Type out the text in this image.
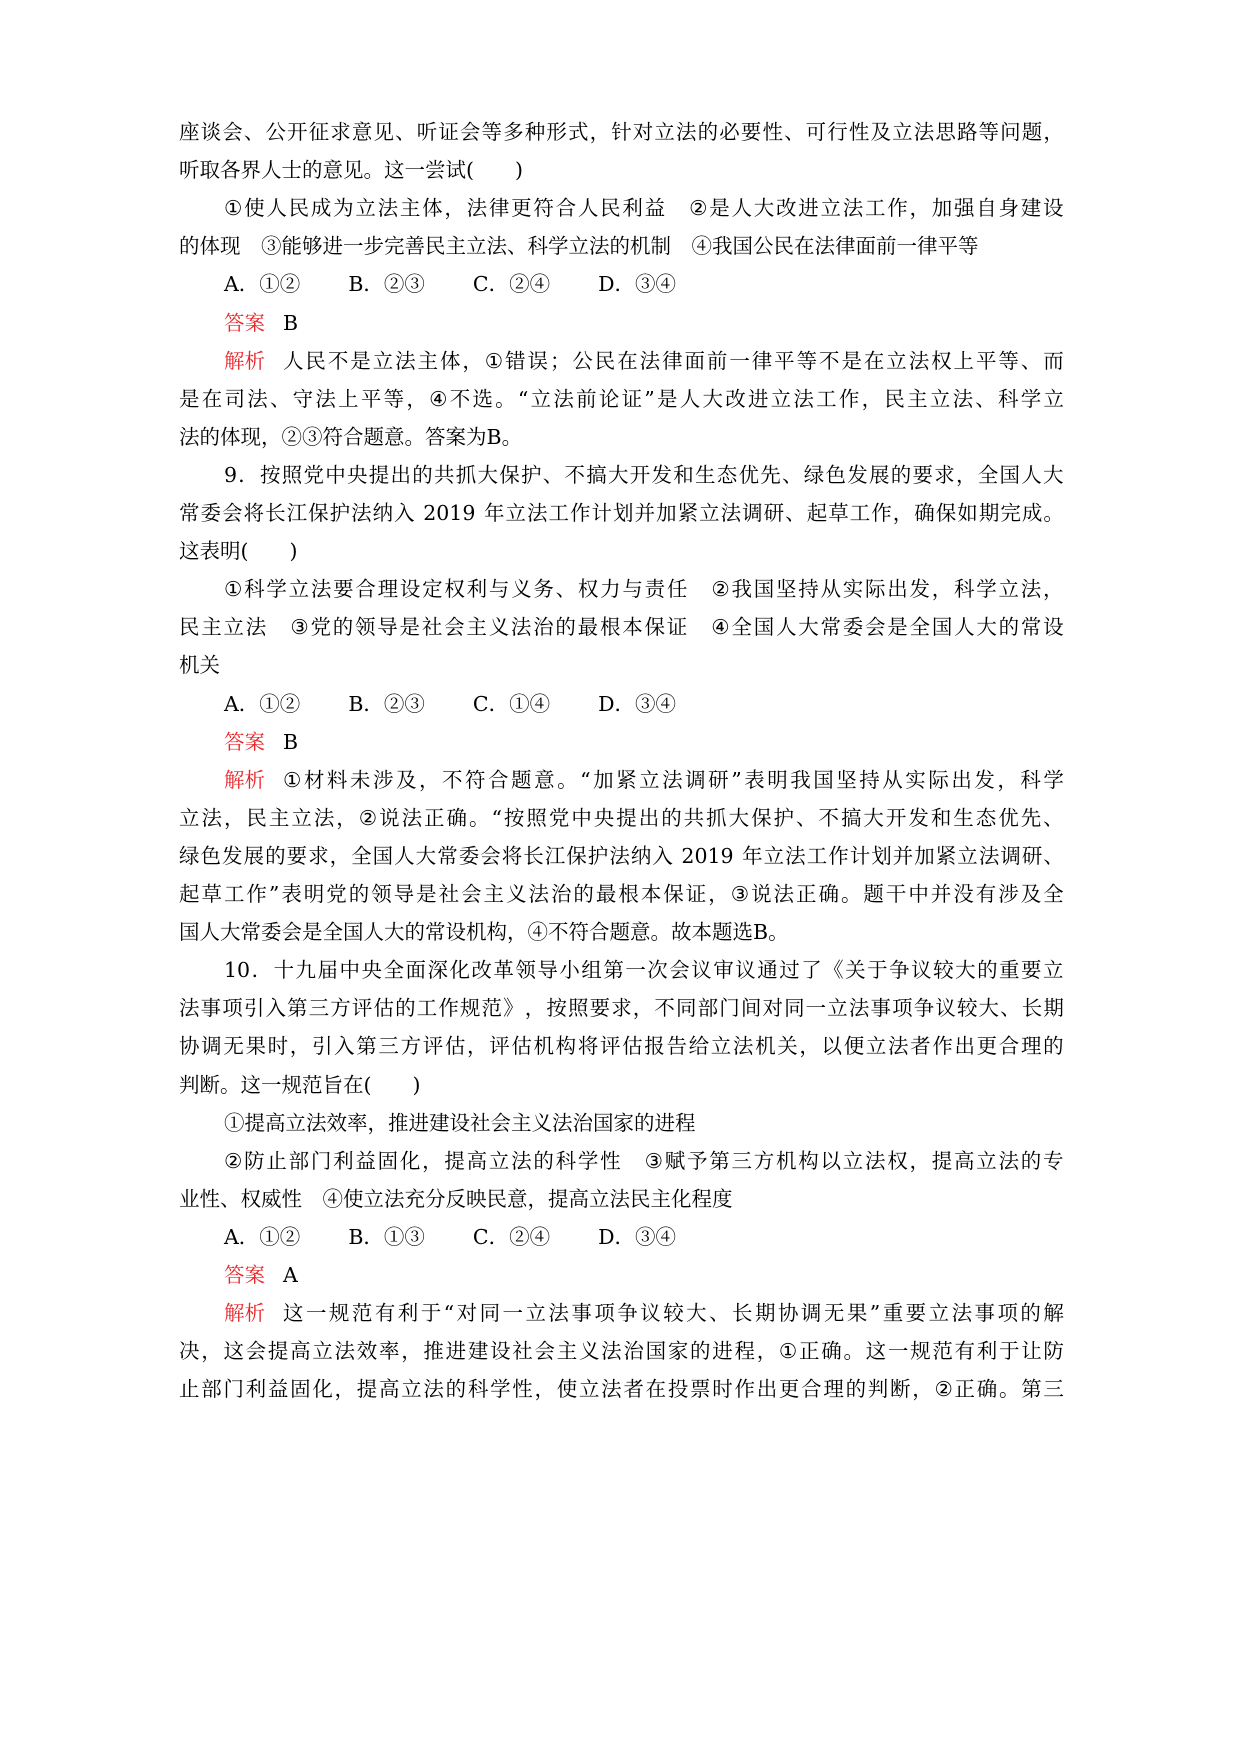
座 谈 会 、 公 开 征 求 意 见 、 听 证 会 等 多 种 形 式 ， 针 对 立 法 的 必 要 性 、 可 行 性 及 立 法 思 路 等 问 题 ，
听取各界人士的意见。这一尝试(　　)
① 使 人 民 成 为 立 法 主 体 ， 法 律 更 符 合 人 民 利 益
　 ② 是 人 大 改 进 立 法 工 作 ， 加 强 自 身 建 设
的体现　③能够进一步完善民主立法、科学立法的机制　④我国公民在法律面前一律平等
A．①② B．②③ C．②④ D．③④
答案 B
解析 人 民 不 是 立 法 主 体 ， ① 错 误 ； 公 民 在 法 律 面 前 一 律 平 等 不 是 在 立 法 权 上 平 等 、 而
是 在 司 法 、 守 法 上 平 等 ， ④ 不 选 。 “ 立 法 前 论 证 ” 是 人 大 改 进 立 法 工 作 ， 民 主 立 法 、 科 学 立
法的体现，②③符合题意。答案为B。
9 ． 按 照 党 中 央 提 出 的 共 抓 大 保 护 、 不 搞 大 开 发 和 生 态 优 先 、 绿 色 发 展 的 要 求 ， 全 国 人 大
常 委 会 将 长 江 保 护 法 纳 入
2019
年 立 法 工 作 计 划 并 加 紧 立 法 调 研 、 起 草 工 作 ， 确 保 如 期 完 成 。
这表明(　　)
① 科 学 立 法 要 合 理 设 定 权 利 与 义 务 、 权 力 与 责 任
　 ② 我 国 坚 持 从 实 际 出 发 ， 科 学 立 法 ，
民 主 立 法
　 ③ 党 的 领 导 是 社 会 主 义 法 治 的 最 根 本 保 证
　 ④ 全 国 人 大 常 委 会 是 全 国 人 大 的 常 设
机关
A．①② B．②③ C．①④ D．③④
答案 B
解析 ① 材 料 未 涉 及 ， 不 符 合 题 意 。 “ 加 紧 立 法 调 研 ” 表 明 我 国 坚 持 从 实 际 出 发 ， 科 学
立 法 ， 民 主 立 法 ， ② 说 法 正 确 。 “ 按 照 党 中 央 提 出 的 共 抓 大 保 护 、 不 搞 大 开 发 和 生 态 优 先 、
绿 色 发 展 的 要 求 ， 全 国 人 大 常 委 会 将 长 江 保 护 法 纳 入
2019
年 立 法 工 作 计 划 并 加 紧 立 法 调 研 、
起 草 工 作 ” 表 明 党 的 领 导 是 社 会 主 义 法 治 的 最 根 本 保 证 ， ③ 说 法 正 确 。 题 干 中 并 没 有 涉 及 全
国人大常委会是全国人大的常设机构，④不符合题意。故本题选B。
10 ． 十 九 届 中 央 全 面 深 化 改 革 领 导 小 组 第 一 次 会 议 审 议 通 过 了 《 关 于 争 议 较 大 的 重 要 立
法 事 项 引 入 第 三 方 评 估 的 工 作 规 范 》 ， 按 照 要 求 ， 不 同 部 门 间 对 同 一 立 法 事 项 争 议 较 大 、 长 期
协 调 无 果 时 ， 引 入 第 三 方 评 估 ， 评 估 机 构 将 评 估 报 告 给 立 法 机 关 ， 以 便 立 法 者 作 出 更 合 理 的
判断。这一规范旨在(　　)
①提高立法效率，推进建设社会主义法治国家的进程
② 防 止 部 门 利 益 固 化 ， 提 高 立 法 的 科 学 性
　 ③ 赋 予 第 三 方 机 构 以 立 法 权 ， 提 高 立 法 的 专
业性、权威性　④使立法充分反映民意，提高立法民主化程度
A．①② B．①③ C．②④ D．③④
答案 A
解析 这 一 规 范 有 利 于 “ 对 同 一 立 法 事 项 争 议 较 大 、 长 期 协 调 无 果 ” 重 要 立 法 事 项 的 解
决 ， 这 会 提 高 立 法 效 率 ， 推 进 建 设 社 会 主 义 法 治 国 家 的 进 程 ， ① 正 确 。 这 一 规 范 有 利 于 让 防
止 部 门 利 益 固 化 ， 提 高 立 法 的 科 学 性 ， 使 立 法 者 在 投 票 时 作 出 更 合 理 的 判 断 ， ② 正 确 。 第 三
